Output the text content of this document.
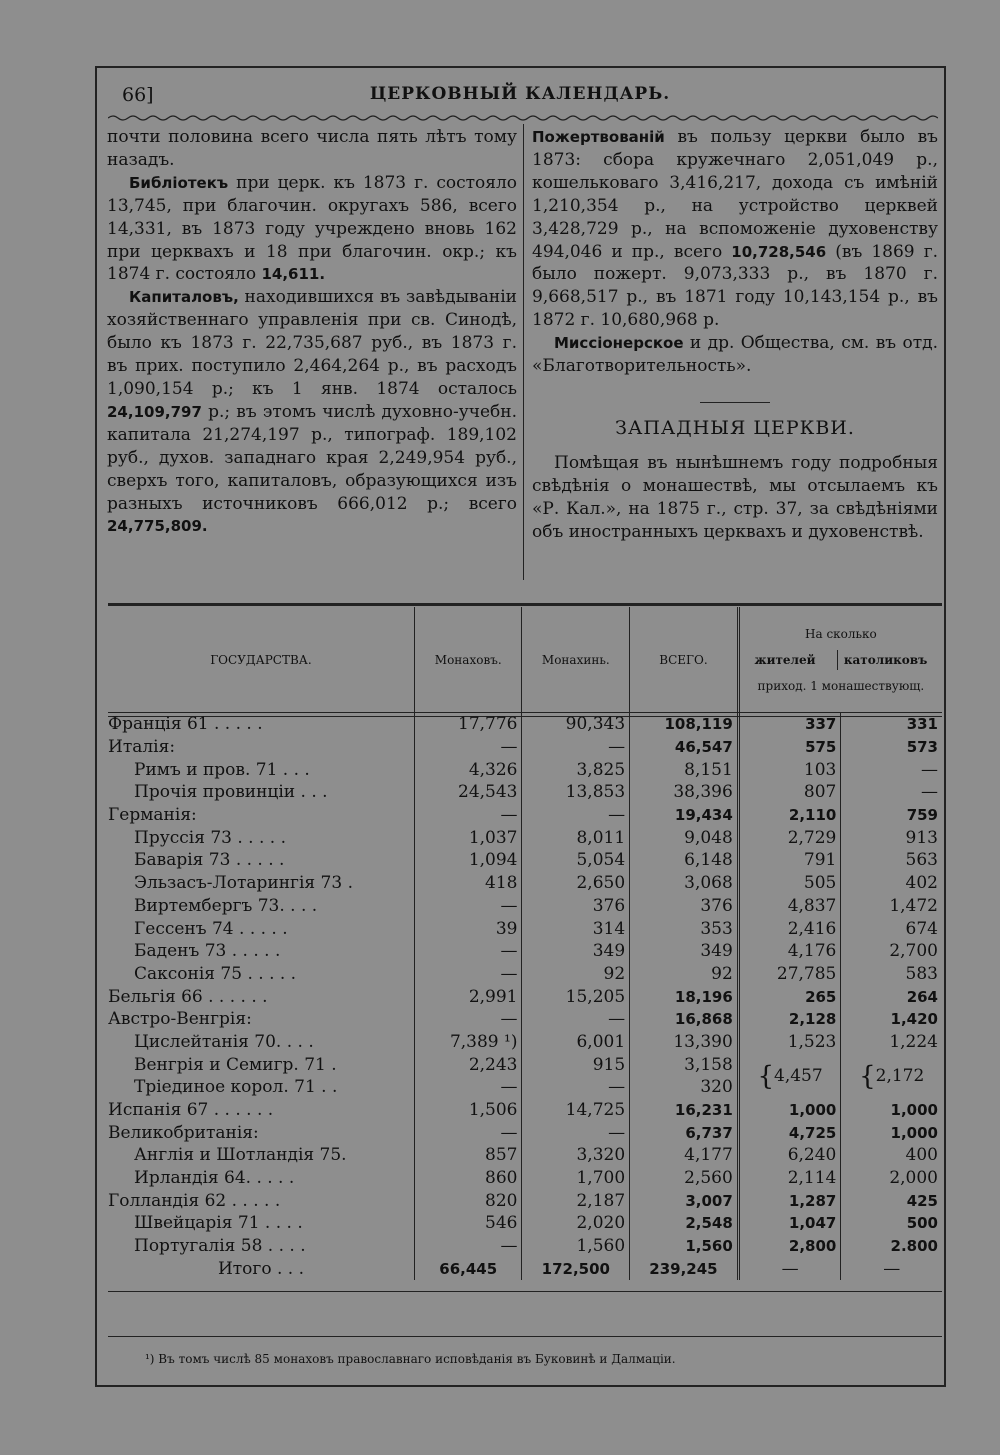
66]	ЦЕРКОВНЫЙ КАЛЕНДАРЬ.

почти половина всего числа пять лѣтъ тому назадъ.

Библіотекъ при церк. къ 1873 г. состояло 13,745, при благочин. округахъ 586, всего 14,331, въ 1873 году учреждено вновь 162 при церквахъ и 18 при благочин. окр.; къ 1874 г. состояло 14,611.

Капиталовъ, находившихся въ завѣдываніи хозяйственнаго управленія при св. Синодѣ, было къ 1873 г. 22,735,687 руб., въ 1873 г. въ прих. поступило 2,464,264 р., въ расходъ 1,090,154 р.; къ 1 янв. 1874 осталось 24,109,797 р.; въ этомъ числѣ духовно-учебн. капитала 21,274,197 р., типограф. 189,102 руб., духов. западнаго края 2,249,954 руб., сверхъ того, капиталовъ, образующихся изъ разныхъ источниковъ 666,012 р.; всего 24,775,809.

Пожертвованій въ пользу церкви было въ 1873: сбора кружечнаго 2,051,049 р., кошельковаго 3,416,217, дохода съ имѣній 1,210,354 р., на устройство церквей 3,428,729 р., на вспоможеніе духовенству 494,046 и пр., всего 10,728,546 (въ 1869 г. было пожерт. 9,073,333 р., въ 1870 г. 9,668,517 р., въ 1871 году 10,143,154 р., въ 1872 г. 10,680,968 р.

Миссіонерское и др. Общества, см. въ отд. «Благотворительность».

ЗАПАДНЫЯ ЦЕРКВИ.

Помѣщая въ нынѣшнемъ году подробныя свѣдѣнія о монашествѣ, мы отсылаемъ къ «Р. Кал.», на 1875 г., стр. 37, за свѣдѣніями объ иностранныхъ церквахъ и духовенствѣ.

ГОСУДАРСТВА.	Монаховъ.	Монахинь.	ВСЕГО.	На сколько
жителей католиковъ
приход. 1 монашествующ.	

Франція 61 . . . . .	17,776	90,343	108,119	337	331
Италія:	—	—	46,547	575	573
Римъ и пров. 71 . . .	4,326	3,825	8,151	103	—
Прочія провинціи . . .	24,543	13,853	38,396	807	—
Германія:	—	—	19,434	2,110	759
Пруссія 73 . . . . .	1,037	8,011	9,048	2,729	913
Баварія 73 . . . . .	1,094	5,054	6,148	791	563
Эльзасъ-Лотарингія 73 .	418	2,650	3,068	505	402
Виртембергъ 73. . . .	—	376	376	4,837	1,472
Гессенъ 74 . . . . .	39	314	353	2,416	674
Баденъ 73 . . . . .	—	349	349	4,176	2,700
Саксонія 75 . . . . .	—	92	92	27,785	583
Бельгія 66 . . . . . .	2,991	15,205	18,196	265	264
Австро-Венгрія:	—	—	16,868	2,128	1,420
Цислейтанія 70. . . .	7,389 ¹)	6,001	13,390	1,523	1,224
Венгрія и Семигр. 71 .	2,243	915	3,158	{4,457	{2,172
Тріединое корол. 71 . .	—	—	320		
Испанія 67 . . . . . .	1,506	14,725	16,231	1,000	1,000
Великобританія:	—	—	6,737	4,725	1,000
Англія и Шотландія 75.	857	3,320	4,177	6,240	400
Ирландія 64. . . . .	860	1,700	2,560	2,114	2,000
Голландія 62 . . . . .	820	2,187	3,007	1,287	425
Швейцарія 71 . . . .	546	2,020	2,548	1,047	500
Португалія 58 . . . .	—	1,560	1,560	2,800	2.800
Итого . . .	66,445	172,500	239,245	—	—
¹) Въ томъ числѣ 85 монаховъ православнаго исповѣданія въ Буковинѣ и Далмаціи.
